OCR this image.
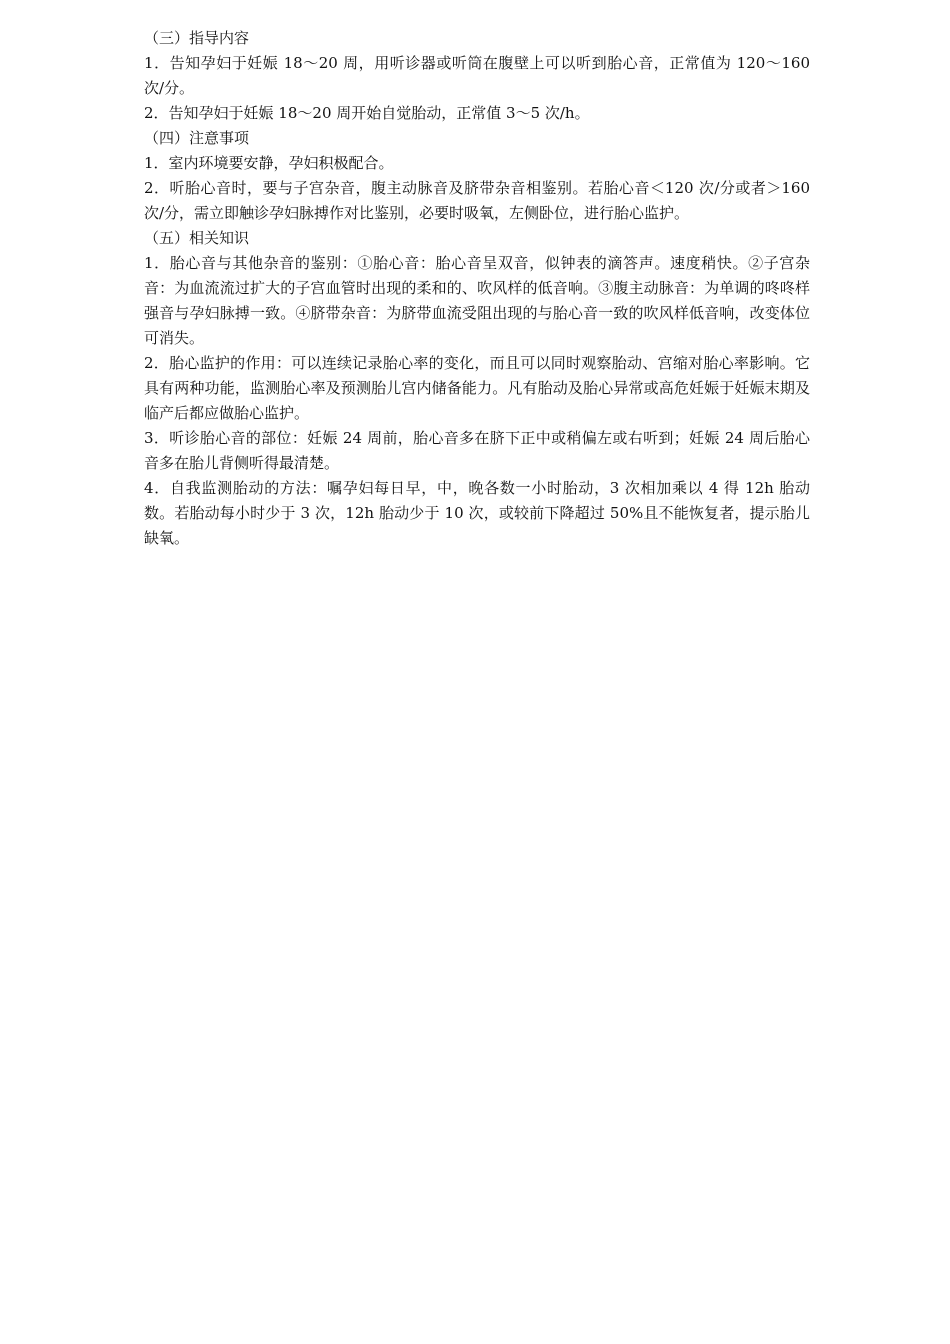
（三）指导内容

1．告知孕妇于妊娠 18～20 周，用听诊器或听筒在腹壁上可以听到胎心音，正常值为 120～160 次/分。

2．告知孕妇于妊娠 18～20 周开始自觉胎动，正常值 3～5 次/h。

（四）注意事项

1．室内环境要安静，孕妇积极配合。

2．听胎心音时，要与子宫杂音，腹主动脉音及脐带杂音相鉴别。若胎心音＜120 次/分或者＞160 次/分，需立即触诊孕妇脉搏作对比鉴别，必要时吸氧，左侧卧位，进行胎心监护。

（五）相关知识

1．胎心音与其他杂音的鉴别：①胎心音：胎心音呈双音，似钟表的滴答声。速度稍快。②子宫杂音：为血流流过扩大的子宫血管时出现的柔和的、吹风样的低音响。③腹主动脉音：为单调的咚咚样强音与孕妇脉搏一致。④脐带杂音：为脐带血流受阻出现的与胎心音一致的吹风样低音响，改变体位可消失。

2．胎心监护的作用：可以连续记录胎心率的变化，而且可以同时观察胎动、宫缩对胎心率影响。它具有两种功能，监测胎心率及预测胎儿宫内储备能力。凡有胎动及胎心异常或高危妊娠于妊娠末期及临产后都应做胎心监护。

3．听诊胎心音的部位：妊娠 24 周前，胎心音多在脐下正中或稍偏左或右听到；妊娠 24 周后胎心音多在胎儿背侧听得最清楚。

4．自我监测胎动的方法：嘱孕妇每日早，中，晚各数一小时胎动，3 次相加乘以 4 得 12h 胎动数。若胎动每小时少于 3 次，12h 胎动少于 10 次，或较前下降超过 50%且不能恢复者，提示胎儿缺氧。
